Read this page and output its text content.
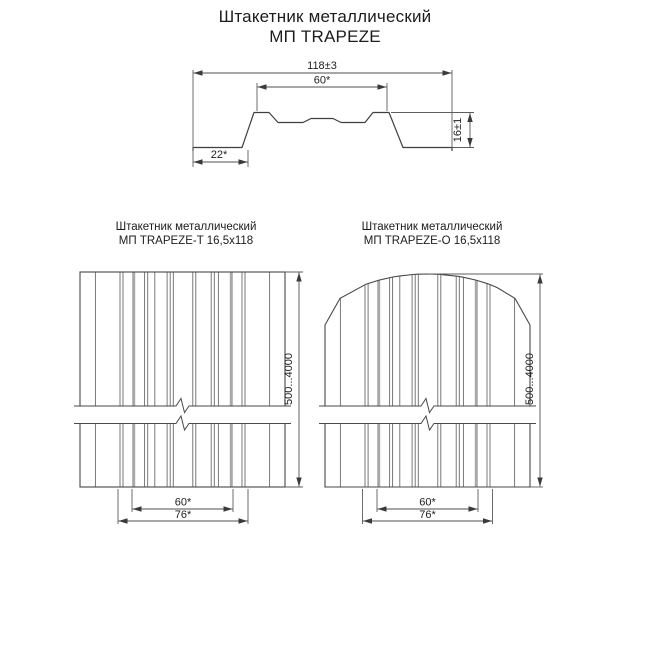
Штакетник металлический
МП TRAPEZE
Штакетник металлический
МП TRAPEZE-T 16,5x118
Штакетник металлический
МП TRAPEZE-O 16,5x118
118±3
60*
16±1
22*
500...4000
60*
76*
500...4000
60*
76*
